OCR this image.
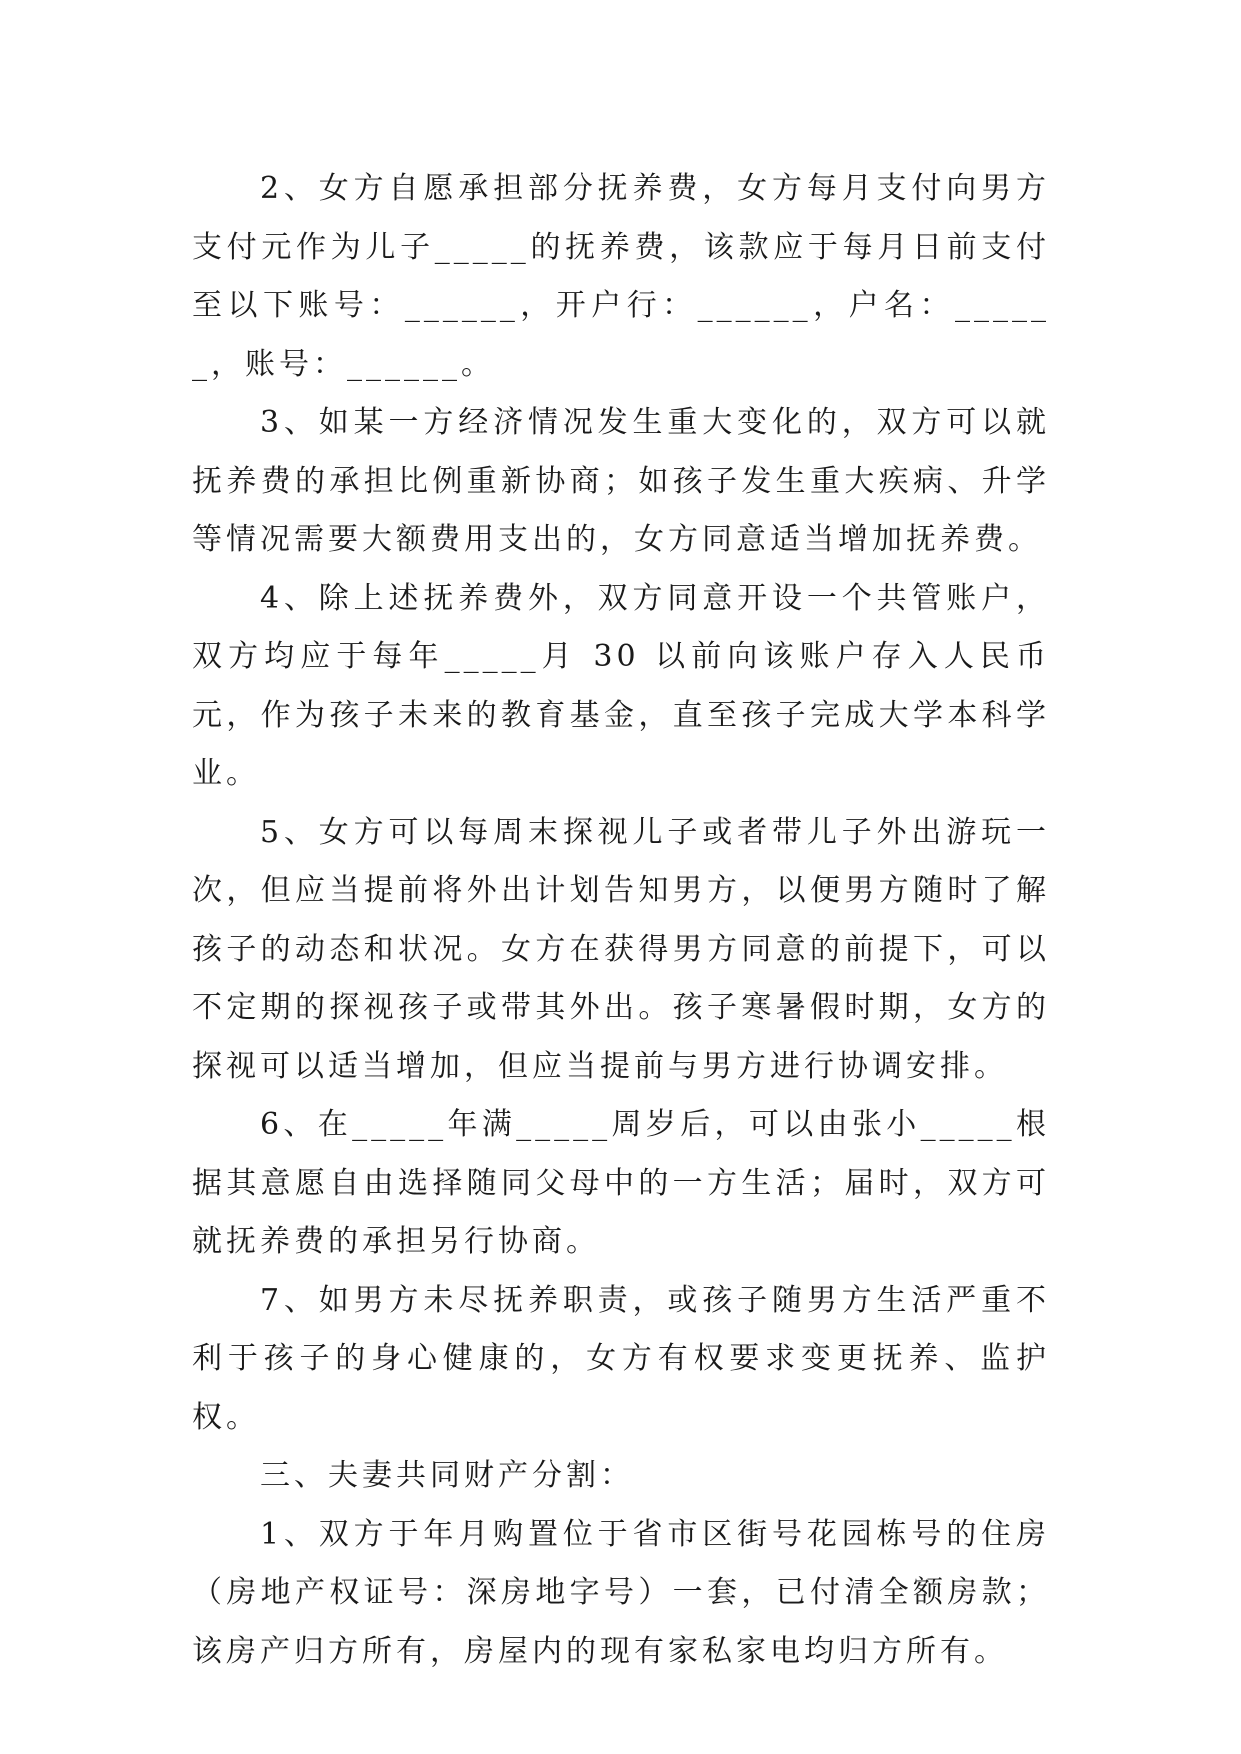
2、女方自愿承担部分抚养费，女方每月支付向男方支付元作为儿子_____的抚养费，该款应于每月日前支付至以下账号：______，开户行：______，户名：______，账号：______。

3、如某一方经济情况发生重大变化的，双方可以就抚养费的承担比例重新协商；如孩子发生重大疾病、升学等情况需要大额费用支出的，女方同意适当增加抚养费。

4、除上述抚养费外，双方同意开设一个共管账户，双方均应于每年_____月 30 以前向该账户存入人民币元，作为孩子未来的教育基金，直至孩子完成大学本科学业。

5、女方可以每周末探视儿子或者带儿子外出游玩一次，但应当提前将外出计划告知男方，以便男方随时了解孩子的动态和状况。女方在获得男方同意的前提下，可以不定期的探视孩子或带其外出。孩子寒暑假时期，女方的探视可以适当增加，但应当提前与男方进行协调安排。

6、在_____年满_____周岁后，可以由张小_____根据其意愿自由选择随同父母中的一方生活；届时，双方可就抚养费的承担另行协商。

7、如男方未尽抚养职责，或孩子随男方生活严重不利于孩子的身心健康的，女方有权要求变更抚养、监护权。

三、夫妻共同财产分割：

1、双方于年月购置位于省市区街号花园栋号的住房（房地产权证号：深房地字号）一套，已付清全额房款；该房产归方所有，房屋内的现有家私家电均归方所有。
